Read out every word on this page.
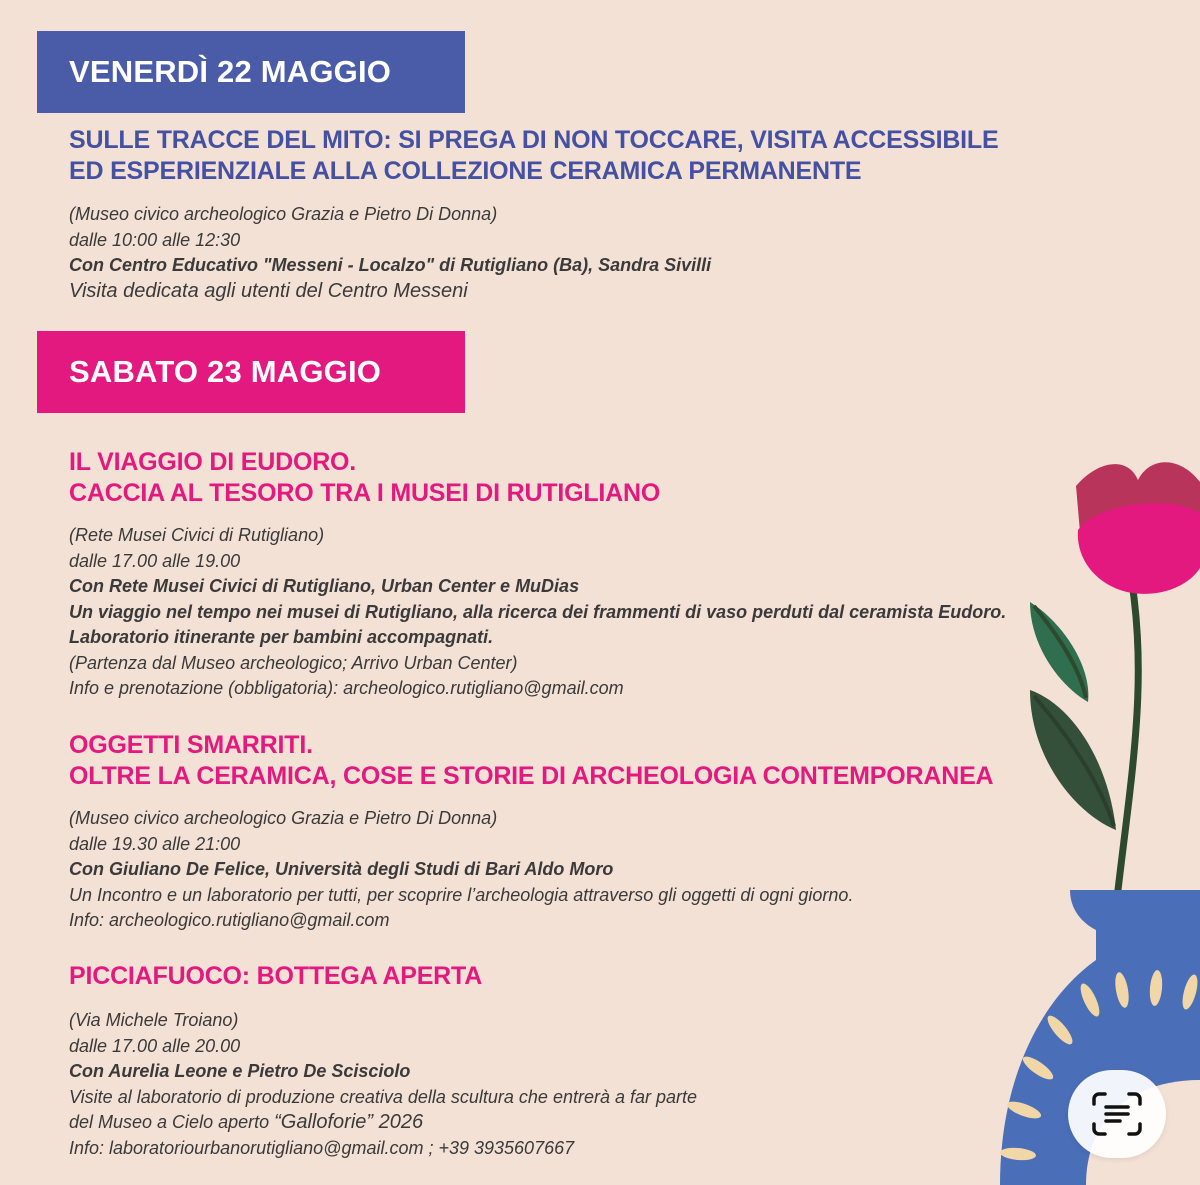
VENERDÌ 22 MAGGIO
SULLE TRACCE DEL MITO: SI PREGA DI NON TOCCARE, VISITA ACCESSIBILE
ED ESPERIENZIALE ALLA COLLEZIONE CERAMICA PERMANENTE
(Museo civico archeologico Grazia e Pietro Di Donna)
dalle 10:00 alle 12:30
Con Centro Educativo "Messeni - Localzo" di Rutigliano (Ba), Sandra Sivilli
Visita dedicata agli utenti del Centro Messeni
SABATO 23 MAGGIO
IL VIAGGIO DI EUDORO.
CACCIA AL TESORO TRA I MUSEI DI RUTIGLIANO
(Rete Musei Civici di Rutigliano)
dalle 17.00 alle 19.00
Con Rete Musei Civici di Rutigliano, Urban Center e MuDias
Un viaggio nel tempo nei musei di Rutigliano, alla ricerca dei frammenti di vaso perduti dal ceramista Eudoro.
Laboratorio itinerante per bambini accompagnati.
(Partenza dal Museo archeologico; Arrivo Urban Center)
Info e prenotazione (obbligatoria): archeologico.rutigliano@gmail.com
OGGETTI SMARRITI.
OLTRE LA CERAMICA, COSE E STORIE DI ARCHEOLOGIA CONTEMPORANEA
(Museo civico archeologico Grazia e Pietro Di Donna)
dalle 19.30 alle 21:00
Con Giuliano De Felice, Università degli Studi di Bari Aldo Moro
Un Incontro e un laboratorio per tutti, per scoprire l’archeologia attraverso gli oggetti di ogni giorno.
Info: archeologico.rutigliano@gmail.com
PICCIAFUOCO: BOTTEGA APERTA
(Via Michele Troiano)
dalle 17.00 alle 20.00
Con Aurelia Leone e Pietro De Scisciolo
Visite al laboratorio di produzione creativa della scultura che entrerà a far parte
del Museo a Cielo aperto “Galloforie” 2026
Info: laboratoriourbanorutigliano@gmail.com ; +39 3935607667
